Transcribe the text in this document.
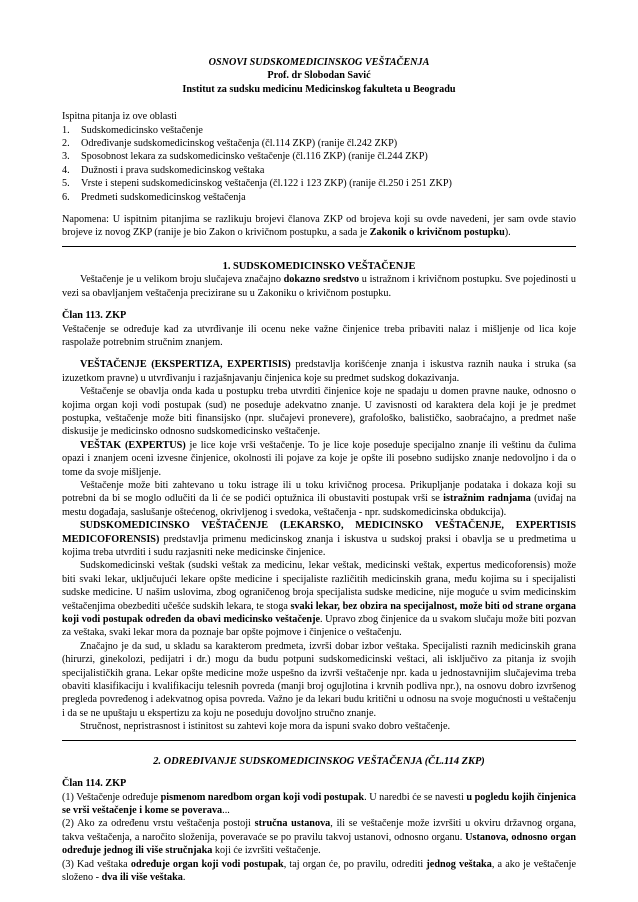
OSNOVI SUDSKOMEDICINSKOG VEŠTAČENJA
Prof. dr Slobodan Savić
Institut za sudsku medicinu Medicinskog fakulteta u Beogradu
Ispitna pitanja iz ove oblasti
1.	Sudskomedicinsko veštačenje
2.	Određivanje sudskomedicinskog veštačenja (čl.114 ZKP) (ranije čl.242 ZKP)
3.	Sposobnost lekara za sudskomedicinsko veštačenje (čl.116 ZKP) (ranije čl.244 ZKP)
4.	Dužnosti i prava sudskomedicinskog veštaka
5.	Vrste i stepeni sudskomedicinskog veštačenja (čl.122 i 123 ZKP) (ranije čl.250 i 251 ZKP)
6.	Predmeti sudskomedicinskog veštačenja

Napomena: U ispitnim pitanjima se razlikuju brojevi članova ZKP od brojeva koji su ovde navedeni, jer sam ovde stavio brojeve iz novog ZKP (ranije je bio Zakon o krivičnom postupku, a sada je Zakonik o krivičnom postupku).

1. SUDSKOMEDICINSKO VEŠTAČENJE

Veštačenje je u velikom broju slučajeva značajno dokazno sredstvo u istražnom i krivičnom postupku. Sve pojedinosti u vezi sa obavljanjem veštačenja precizirane su u Zakoniku o krivičnom postupku.

Član 113. ZKP

Veštačenje se određuje kad za utvrđivanje ili ocenu neke važne činjenice treba pribaviti nalaz i mišljenje od lica koje raspolaže potrebnim stručnim znanjem.

VEŠTAČENJE (EKSPERTIZA, EXPERTISIS) predstavlja korišćenje znanja i iskustva raznih nauka i struka (sa izuzetkom pravne) u utvrđivanju i razjašnjavanju činjenica koje su predmet sudskog dokazivanja.

Veštačenje se obavlja onda kada u postupku treba utvrditi činjenice koje ne spadaju u domen pravne nauke, odnosno o kojima organ koji vodi postupak (sud) ne poseduje adekvatno znanje. U zavisnosti od karaktera dela koji je je predmet postupka, veštačenje može biti finansijsko (npr. slučajevi pronevere), grafološko, balističko, saobraćajno, a predmet naše diskusije je medicinsko odnosno sudskomedicinsko veštačenje.

VEŠTAK (EXPERTUS) je lice koje vrši veštačenje. To je lice koje poseduje specijalno znanje ili veštinu da čulima opazi i znanjem oceni izvesne činjenice, okolnosti ili pojave za koje je opšte ili posebno sudijsko znanje nedovoljno i da o tome da svoje mišljenje.

Veštačenje može biti zahtevano u toku istrage ili u toku krivičnog procesa. Prikupljanje podataka i dokaza koji su potrebni da bi se moglo odlučiti da li će se podići optužnica ili obustaviti postupak vrši se istražnim radnjama (uviđaj na mestu događaja, saslušanje oštećenog, okrivljenog i svedoka, veštačenja - npr. sudskomedicinska obdukcija).

SUDSKOMEDICINSKO VEŠTAČENJE (LEKARSKO, MEDICINSKO VEŠTAČENJE, EXPERTISIS MEDICOFORENSIS) predstavlja primenu medicinskog znanja i iskustva u sudskoj praksi i obavlja se u predmetima u kojima treba utvrditi i sudu razjasniti neke medicinske činjenice.

Sudskomedicinski veštak (sudski veštak za medicinu, lekar veštak, medicinski veštak, expertus medicoforensis) može biti svaki lekar, uključujući lekare opšte medicine i specijaliste različitih medicinskih grana, među kojima su i specijalisti sudske medicine. U našim uslovima, zbog ograničenog broja specijalista sudske medicine, nije moguće u svim medicinskim veštačenjima obezbediti učešće sudskih lekara, te stoga svaki lekar, bez obzira na specijalnost, može biti od strane organa koji vodi postupak određen da obavi medicinsko veštačenje. Upravo zbog činjenice da u svakom slučaju može biti pozvan za veštaka, svaki lekar mora da poznaje bar opšte pojmove i činjenice o veštačenju.

Značajno je da sud, u skladu sa karakterom predmeta, izvrši dobar izbor veštaka. Specijalisti raznih medicinskih grana (hirurzi, ginekolozi, pedijatri i dr.) mogu da budu potpuni sudskomedicinski veštaci, ali isključivo za pitanja iz svojih specijalističkih grana. Lekar opšte medicine može uspešno da izvrši veštačenje npr. kada u jednostavnijim slučajevima treba obaviti klasifikaciju i kvalifikaciju telesnih povreda (manji broj ogujlotina i krvnih podliva npr.), na osnovu dobro izvršenog pregleda povređenog i adekvatnog opisa povreda. Važno je da lekari budu kritični u odnosu na svoje mogućnosti u veštačenju i da se ne upuštaju u ekspertizu za koju ne poseduju dovoljno stručno znanje.

Stručnost, nepristrasnost i istinitost su zahtevi koje mora da ispuni svako dobro veštačenje.

2. ODREĐIVANJE SUDSKOMEDICINSKOG VEŠTAČENJA (ČL.114 ZKP)
Član 114. ZKP

(1) Veštačenje određuje pismenom naredbom organ koji vodi postupak. U naredbi će se navesti u pogledu kojih činjenica se vrši veštačenje i kome se poverava...

(2) Ako za određenu vrstu veštačenja postoji stručna ustanova, ili se veštačenje može izvršiti u okviru državnog organa, takva veštačenja, a naročito složenija, poveravaće se po pravilu takvoj ustanovi, odnosno organu. Ustanova, odnosno organ određuje jednog ili više stručnjaka koji će izvršiti veštačenje.

(3) Kad veštaka određuje organ koji vodi postupak, taj organ će, po pravilu, odrediti jednog veštaka, a ako je veštačenje složeno - dva ili više veštaka.
